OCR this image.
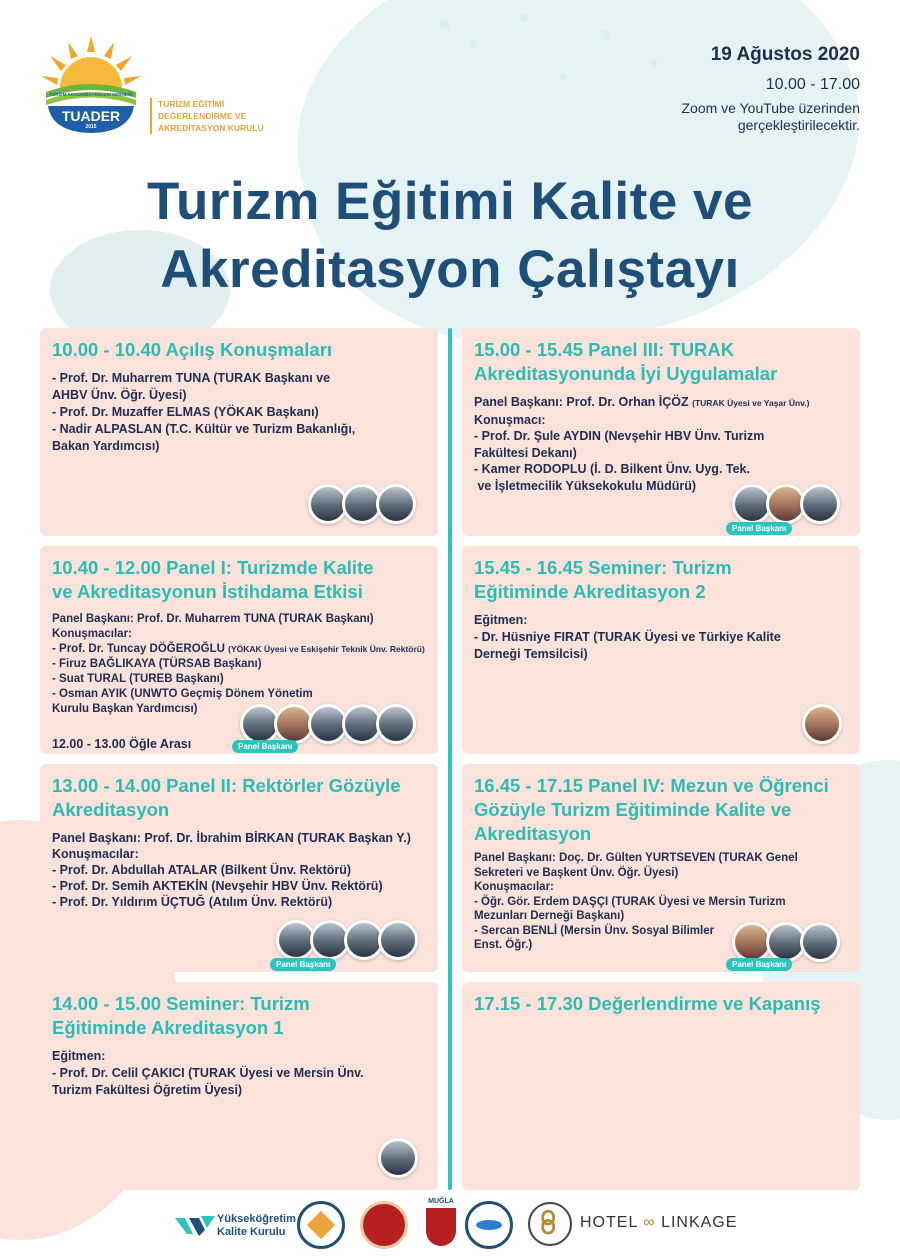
TURİZM AKADEMİSYENLERİ DERNEĞİ
TUADER
2015
TURİZM EĞİTİMİ
DEĞERLENDİRME VE
AKREDİTASYON KURULU
19 Ağustos 2020
10.00 - 17.00
Zoom ve YouTube üzerinden
gerçekleştirilecektir.
Turizm Eğitimi Kalite ve
Akreditasyon Çalıştayı
10.00 - 10.40 Açılış Konuşmaları
- Prof. Dr. Muharrem TUNA (TURAK Başkanı ve
AHBV Ünv. Öğr. Üyesi)
- Prof. Dr. Muzaffer ELMAS (YÖKAK Başkanı)
- Nadir ALPASLAN (T.C. Kültür ve Turizm Bakanlığı,
Bakan Yardımcısı)
10.40 - 12.00 Panel I: Turizmde Kalite
ve Akreditasyonun İstihdama Etkisi
Panel Başkanı: Prof. Dr. Muharrem TUNA (TURAK Başkanı)
Konuşmacılar:
- Prof. Dr. Tuncay DÖĞEROĞLU (YÖKAK Üyesi ve Eskişehir Teknik Ünv. Rektörü)
- Firuz BAĞLIKAYA (TÜRSAB Başkanı)
- Suat TURAL (TUREB Başkanı)
- Osman AYIK (UNWTO Geçmiş Dönem Yönetim
Kurulu Başkan Yardımcısı)
Panel Başkanı
12.00 - 13.00 Öğle Arası
13.00 - 14.00 Panel II: Rektörler Gözüyle
Akreditasyon
Panel Başkanı: Prof. Dr. İbrahim BİRKAN (TURAK Başkan Y.)
Konuşmacılar:
- Prof. Dr. Abdullah ATALAR (Bilkent Ünv. Rektörü)
- Prof. Dr. Semih AKTEKİN (Nevşehir HBV Ünv. Rektörü)
- Prof. Dr. Yıldırım ÜÇTUĞ (Atılım Ünv. Rektörü)
Panel Başkanı
14.00 - 15.00 Seminer: Turizm
Eğitiminde Akreditasyon 1
Eğitmen:
- Prof. Dr. Celil ÇAKICI (TURAK Üyesi ve Mersin Ünv.
Turizm Fakültesi Öğretim Üyesi)
15.00 - 15.45 Panel III: TURAK
Akreditasyonunda İyi Uygulamalar
Panel Başkanı: Prof. Dr. Orhan İÇÖZ (TURAK Üyesi ve Yaşar Ünv.)
Konuşmacı:
- Prof. Dr. Şule AYDIN (Nevşehir HBV Ünv. Turizm
Fakültesi Dekanı)
- Kamer RODOPLU (İ. D. Bilkent Ünv. Uyg. Tek.
ve İşletmecilik Yüksekokulu Müdürü)
Panel Başkanı
15.45 - 16.45 Seminer: Turizm
Eğitiminde Akreditasyon 2
Eğitmen:
- Dr. Hüsniye FIRAT (TURAK Üyesi ve Türkiye Kalite
Derneği Temsilcisi)
16.45 - 17.15 Panel IV: Mezun ve Öğrenci
Gözüyle Turizm Eğitiminde Kalite ve
Akreditasyon
Panel Başkanı: Doç. Dr. Gülten YURTSEVEN (TURAK Genel
Sekreteri ve Başkent Ünv. Öğr. Üyesi)
Konuşmacılar:
- Öğr. Gör. Erdem DAŞÇI (TURAK Üyesi ve Mersin Turizm
Mezunları Derneği Başkanı)
- Sercan BENLİ (Mersin Ünv. Sosyal Bilimler
Enst. Öğr.)
Panel Başkanı
17.15 - 17.30 Değerlendirme ve Kapanış
Yükseköğretim
Kalite Kurulu
MUĞLA
HOTEL ∞ LINKAGE
